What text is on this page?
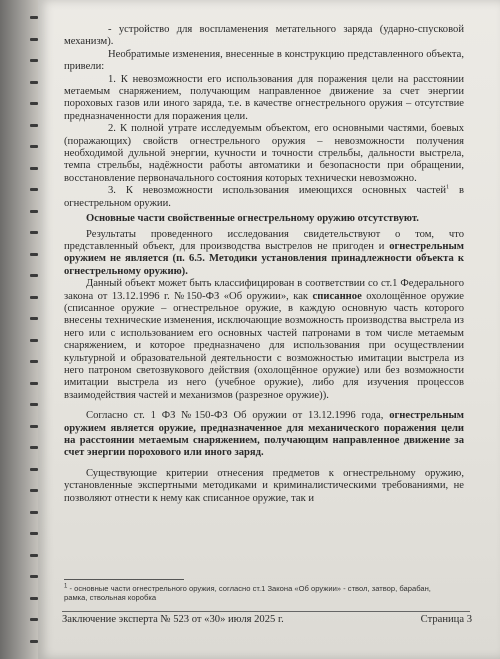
- устройство для воспламенения метательного заряда (ударно-спусковой механизм).

Необратимые изменения, внесенные в конструкцию представленного объекта, привели:

1. К невозможности его использования для поражения цели на расстоянии метаемым снаряжением, получающим направленное движение за счет энергии пороховых газов или иного заряда, т.е. в качестве огнестрельного оружия – отсутствие предназначенности для поражения цели.

2. К полной утрате исследуемым объектом, его основными частями, боевых (поражающих) свойств огнестрельного оружия – невозможности получения необходимой дульной энергии, кучности и точности стрельбы, дальности выстрела, темпа стрельбы, надёжности работы автоматики и безопасности при обращении, восстановление первоначального состояния которых технически невозможно.

3. К невозможности использования имеющихся основных частей$^1$ в огнестрельном оружии.

Основные части свойственные огнестрельному оружию отсутствуют.

Результаты проведенного исследования свидетельствуют о том, что представленный объект, для производства выстрелов не пригоден и огнестрельным оружием не является (п. 6.5. Методики установления принадлежности объекта к огнестрельному оружию).

Данный объект может быть классифицирован в соответствии со ст.1 Федерального закона от 13.12.1996 г. №150-ФЗ «Об оружии», как списанное охолощённое оружие (списанное оружие – огнестрельное оружие, в каждую основную часть которого внесены технические изменения, исключающие возможность производства выстрела из него или с использованием его основных частей патронами в том числе метаемым снаряжением, и которое предназначено для использования при осуществлении культурной и образовательной деятельности с возможностью имитации выстрела из него патроном светозвукового действия (охолощённое оружие) или без возможности имитации выстрела из него (учебное оружие), либо для изучения процессов взаимодействия частей и механизмов (разрезное оружие)).

Согласно ст. 1 ФЗ №150-ФЗ Об оружии от 13.12.1996 года, огнестрельным оружием является оружие, предназначенное для механического поражения цели на расстоянии метаемым снаряжением, получающим направленное движение за счет энергии порохового или иного заряд.

Существующие критерии отнесения предметов к огнестрельному оружию, установленные экспертными методиками и криминалистическими требованиями, не позволяют отнести к нему как списанное оружие, так и

$^1$ - основные части огнестрельного оружия, согласно ст.1 Закона «Об оружии» - ствол, затвор, барабан, рамка, ствольная коробка
Заключение эксперта № 523 от «30» июля 2025 г.	Страница 3
